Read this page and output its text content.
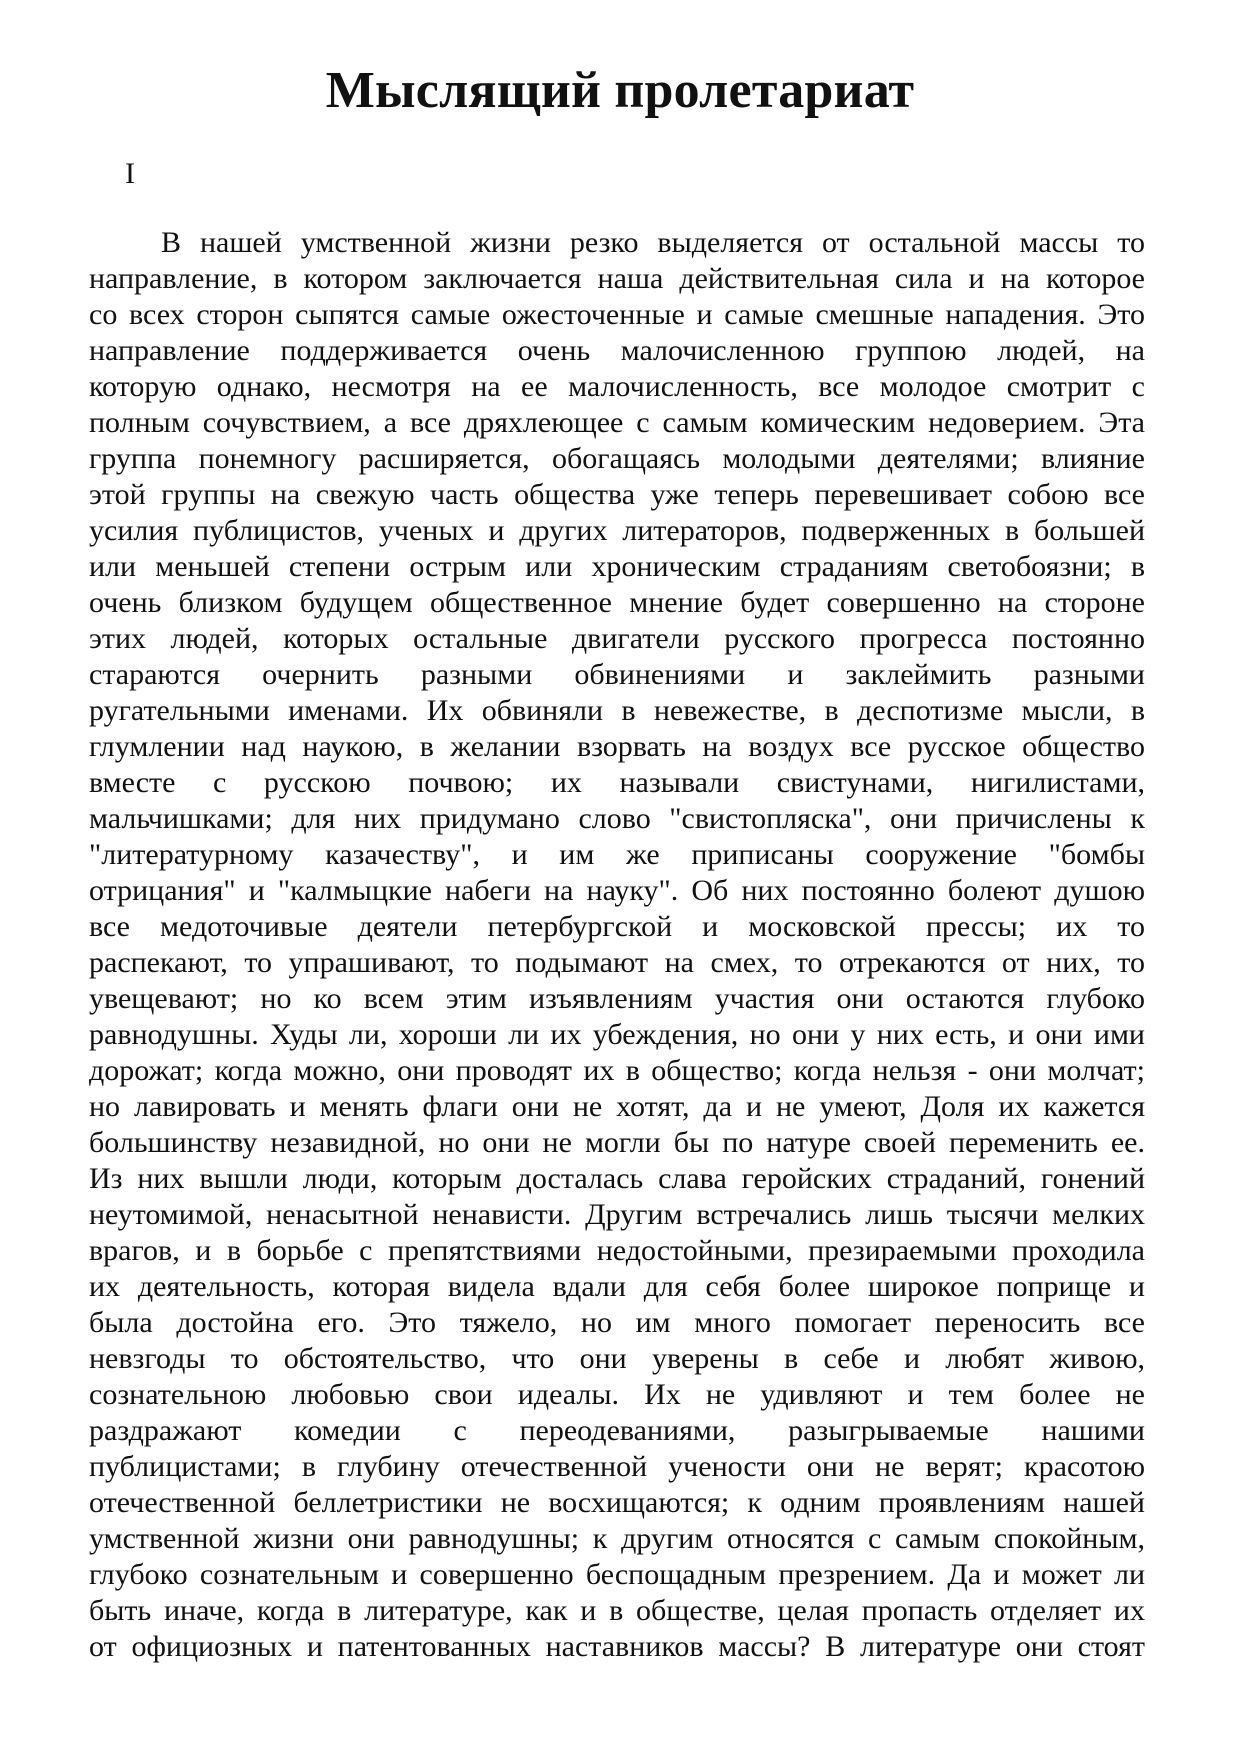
Мыслящий пролетариат
I
В нашей умственной жизни резко выделяется от остальной массы то
направление, в котором заключается наша действительная сила и на которое
со всех сторон сыпятся самые ожесточенные и самые смешные нападения. Это
направление поддерживается очень малочисленною группою людей, на
которую однако, несмотря на ее малочисленность, все молодое смотрит с
полным сочувствием, а все дряхлеющее с самым комическим недоверием. Эта
группа понемногу расширяется, обогащаясь молодыми деятелями; влияние
этой группы на свежую часть общества уже теперь перевешивает собою все
усилия публицистов, ученых и других литераторов, подверженных в большей
или меньшей степени острым или хроническим страданиям светобоязни; в
очень близком будущем общественное мнение будет совершенно на стороне
этих людей, которых остальные двигатели русского прогресса постоянно
стараются очернить разными обвинениями и заклеймить разными
ругательными именами. Их обвиняли в невежестве, в деспотизме мысли, в
глумлении над наукою, в желании взорвать на воздух все русское общество
вместе с русскою почвою; их называли свистунами, нигилистами,
мальчишками; для них придумано слово "свистопляска", они причислены к
"литературному казачеству", и им же приписаны сооружение "бомбы
отрицания" и "калмыцкие набеги на науку". Об них постоянно болеют душою
все медоточивые деятели петербургской и московской прессы; их то
распекают, то упрашивают, то подымают на смех, то отрекаются от них, то
увещевают; но ко всем этим изъявлениям участия они остаются глубоко
равнодушны. Худы ли, хороши ли их убеждения, но они у них есть, и они ими
дорожат; когда можно, они проводят их в общество; когда нельзя - они молчат;
но лавировать и менять флаги они не хотят, да и не умеют, Доля их кажется
большинству незавидной, но они не могли бы по натуре своей переменить ее.
Из них вышли люди, которым досталась слава геройских страданий, гонений
неутомимой, ненасытной ненависти. Другим встречались лишь тысячи мелких
врагов, и в борьбе с препятствиями недостойными, презираемыми проходила
их деятельность, которая видела вдали для себя более широкое поприще и
была достойна его. Это тяжело, но им много помогает переносить все
невзгоды то обстоятельство, что они уверены в себе и любят живою,
сознательною любовью свои идеалы. Их не удивляют и тем более не
раздражают комедии с переодеваниями, разыгрываемые нашими
публицистами; в глубину отечественной учености они не верят; красотою
отечественной беллетристики не восхищаются; к одним проявлениям нашей
умственной жизни они равнодушны; к другим относятся с самым спокойным,
глубоко сознательным и совершенно беспощадным презрением. Да и может ли
быть иначе, когда в литературе, как и в обществе, целая пропасть отделяет их
от официозных и патентованных наставников массы? В литературе они стоят
